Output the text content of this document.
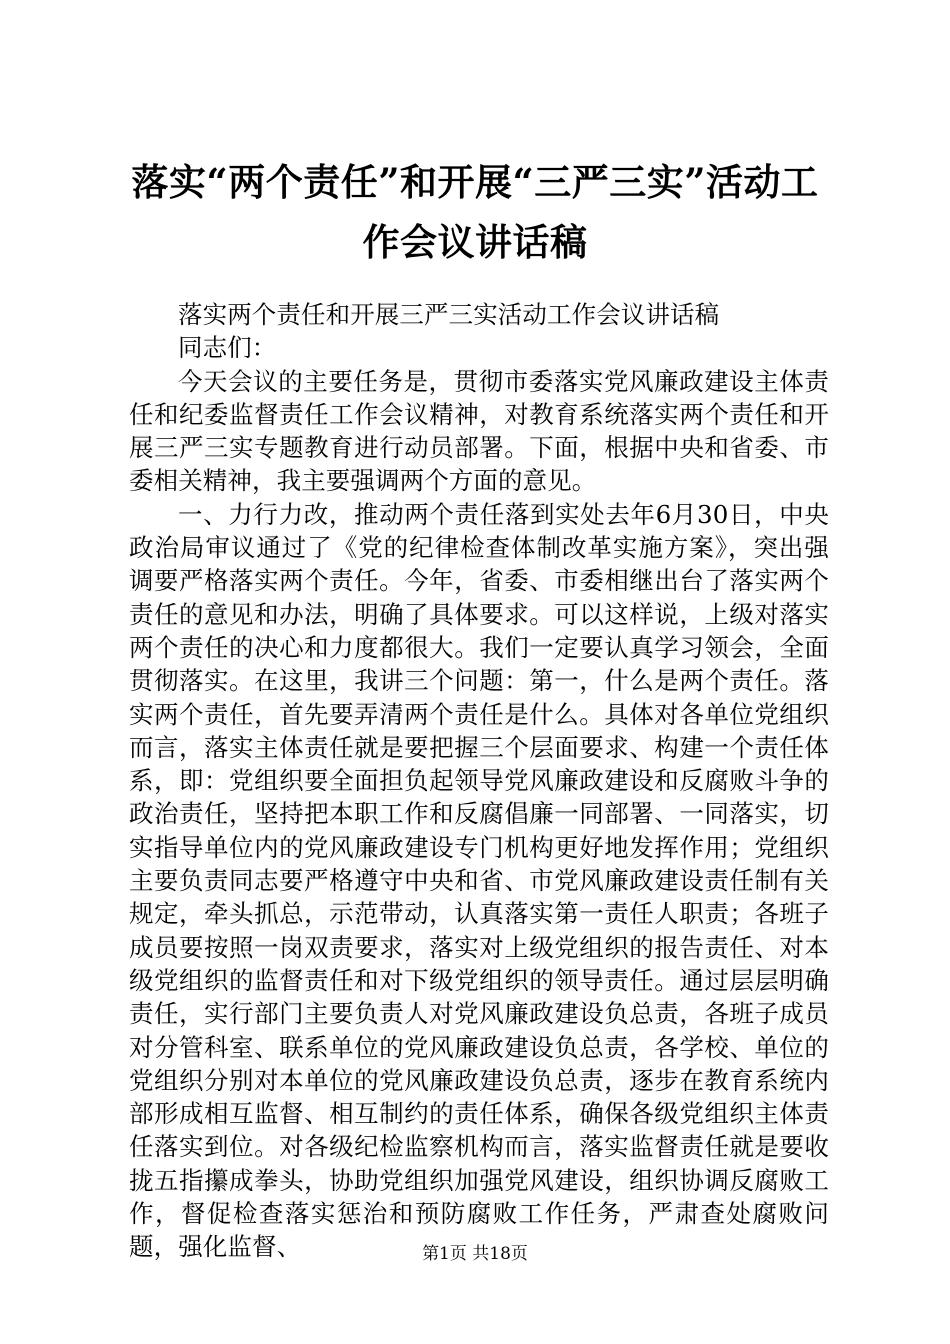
落实“两个责任”和开展“三严三实”活动工
作会议讲话稿

落实两个责任和开展三严三实活动工作会议讲话稿

同志们：

今天会议的主要任务是，贯彻市委落实党风廉政建设主体责任和纪委监督责任工作会议精神，对教育系统落实两个责任和开展三严三实专题教育进行动员部署。下面，根据中央和省委、市委相关精神，我主要强调两个方面的意见。

一、力行力改，推动两个责任落到实处去年6月30日，中央政治局审议通过了《党的纪律检查体制改革实施方案》，突出强调要严格落实两个责任。今年，省委、市委相继出台了落实两个责任的意见和办法，明确了具体要求。可以这样说，上级对落实两个责任的决心和力度都很大。我们一定要认真学习领会，全面贯彻落实。在这里，我讲三个问题：第一，什么是两个责任。落实两个责任，首先要弄清两个责任是什么。具体对各单位党组织而言，落实主体责任就是要把握三个层面要求、构建一个责任体系，即：党组织要全面担负起领导党风廉政建设和反腐败斗争的政治责任，坚持把本职工作和反腐倡廉一同部署、一同落实，切实指导单位内的党风廉政建设专门机构更好地发挥作用；党组织主要负责同志要严格遵守中央和省、市党风廉政建设责任制有关规定，牵头抓总，示范带动，认真落实第一责任人职责；各班子成员要按照一岗双责要求，落实对上级党组织的报告责任、对本级党组织的监督责任和对下级党组织的领导责任。通过层层明确责任，实行部门主要负责人对党风廉政建设负总责，各班子成员对分管科室、联系单位的党风廉政建设负总责，各学校、单位的党组织分别对本单位的党风廉政建设负总责，逐步在教育系统内部形成相互监督、相互制约的责任体系，确保各级党组织主体责任落实到位。对各级纪检监察机构而言，落实监督责任就是要收拢五指攥成拳头，协助党组织加强党风建设，组织协调反腐败工作，督促检查落实惩治和预防腐败工作任务，严肃查处腐败问题，强化监督、	第1页 共18页
